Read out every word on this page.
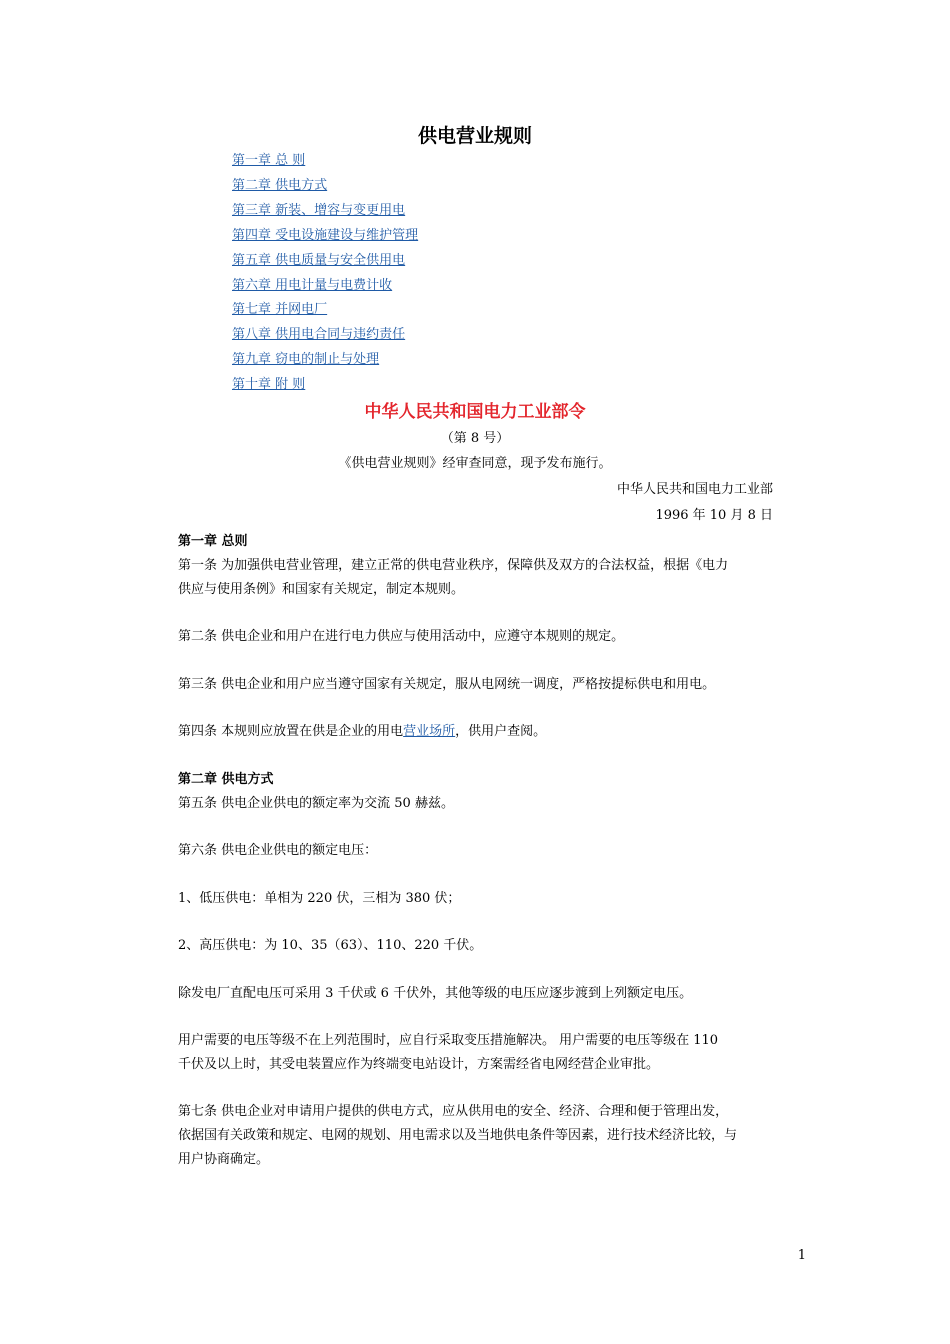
供电营业规则
第一章 总 则
第二章 供电方式
第三章 新装、增容与变更用电
第四章 受电设施建设与维护管理
第五章 供电质量与安全供用电
第六章 用电计量与电费计收
第七章 并网电厂
第八章 供用电合同与违约责任
第九章 窃电的制止与处理
第十章 附 则
中华人民共和国电力工业部令
（第 8 号）
《供电营业规则》经审查同意，现予发布施行。
中华人民共和国电力工业部
1996 年 10 月 8 日
第一章 总则
第一条 为加强供电营业管理，建立正常的供电营业秩序，保障供及双方的合法权益，根据《电力
供应与使用条例》和国家有关规定，制定本规则。
第二条 供电企业和用户在进行电力供应与使用活动中，应遵守本规则的规定。
第三条 供电企业和用户应当遵守国家有关规定，服从电网统一调度，严格按提标供电和用电。
第四条 本规则应放置在供是企业的用电营业场所，供用户查阅。
第二章 供电方式
第五条 供电企业供电的额定率为交流 50 赫兹。
第六条 供电企业供电的额定电压：
1、低压供电：单相为 220 伏，三相为 380 伏；
2、高压供电：为 10、35（63）、110、220 千伏。
除发电厂直配电压可采用 3 千伏或 6 千伏外，其他等级的电压应逐步渡到上列额定电压。
用户需要的电压等级不在上列范围时，应自行采取变压措施解决。 用户需要的电压等级在 110
千伏及以上时，其受电装置应作为终端变电站设计，方案需经省电网经营企业审批。
第七条 供电企业对申请用户提供的供电方式，应从供用电的安全、经济、合理和便于管理出发，
依据国有关政策和规定、电网的规划、用电需求以及当地供电条件等因素，进行技术经济比较，与
用户协商确定。
1
